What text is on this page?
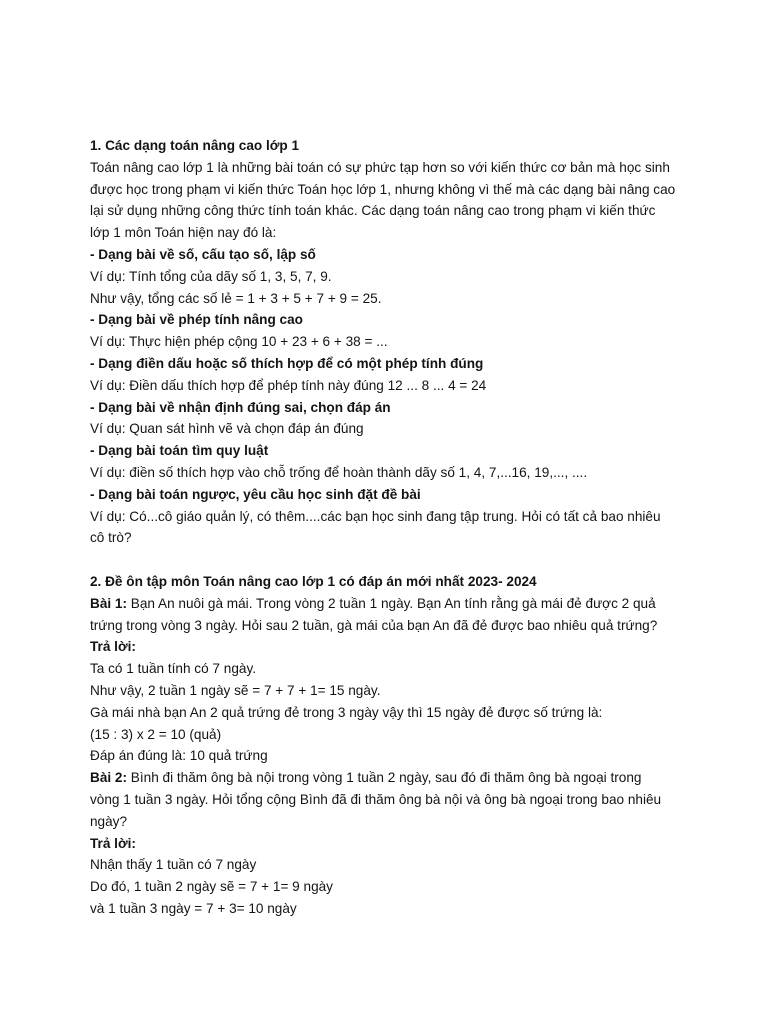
1. Các dạng toán nâng cao lớp 1
Toán nâng cao lớp 1 là những bài toán có sự phức tạp hơn so với kiến thức cơ bản mà học sinh
được học trong phạm vi kiến thức Toán học lớp 1, nhưng không vì thế mà các dạng bài nâng cao
lại sử dụng những công thức tính toán khác. Các dạng toán nâng cao trong phạm vi kiến thức
lớp 1 môn Toán hiện nay đó là:
- Dạng bài về số, cấu tạo số, lập số
Ví dụ: Tính tổng của dãy số 1, 3, 5, 7, 9.
Như vậy, tổng các số lẻ = 1 + 3 + 5 + 7 + 9 = 25.
- Dạng bài về phép tính nâng cao
Ví dụ: Thực hiện phép cộng 10 + 23 + 6 + 38 = ...
- Dạng điền dấu hoặc số thích hợp để có một phép tính đúng
Ví dụ: Điền dấu thích hợp để phép tính này đúng 12 ... 8 ... 4 = 24
- Dạng bài về nhận định đúng sai, chọn đáp án
Ví dụ: Quan sát hình vẽ và chọn đáp án đúng
- Dạng bài toán tìm quy luật
Ví dụ: điền số thích hợp vào chỗ trống để hoàn thành dãy số 1, 4, 7,...16, 19,..., ....
- Dạng bài toán ngược, yêu cầu học sinh đặt đề bài
Ví dụ: Có...cô giáo quản lý, có thêm....các bạn học sinh đang tập trung. Hỏi có tất cả bao nhiêu
cô trò?
2. Đề ôn tập môn Toán nâng cao lớp 1 có đáp án mới nhất 2023- 2024
Bài 1: Bạn An nuôi gà mái. Trong vòng 2 tuần 1 ngày. Bạn An tính rằng gà mái đẻ được 2 quả
trứng trong vòng 3 ngày. Hỏi sau 2 tuần, gà mái của bạn An đã đẻ được bao nhiêu quả trứng?
Trả lời:
Ta có 1 tuần tính có 7 ngày.
Như vậy, 2 tuần 1 ngày sẽ = 7 + 7 + 1= 15 ngày.
Gà mái nhà bạn An 2 quả trứng đẻ trong 3 ngày vậy thì 15 ngày đẻ được số trứng là:
(15 : 3) x 2 = 10 (quả)
Đáp án đúng là: 10 quả trứng
Bài 2: Bình đi thăm ông bà nội trong vòng 1 tuần 2 ngày, sau đó đi thăm ông bà ngoại trong
vòng 1 tuần 3 ngày. Hỏi tổng cộng Bình đã đi thăm ông bà nội và ông bà ngoại trong bao nhiêu
ngày?
Trả lời:
Nhận thấy 1 tuần có 7 ngày
Do đó, 1 tuần 2 ngày sẽ = 7 + 1= 9 ngày
và 1 tuần 3 ngày = 7 + 3= 10 ngày
